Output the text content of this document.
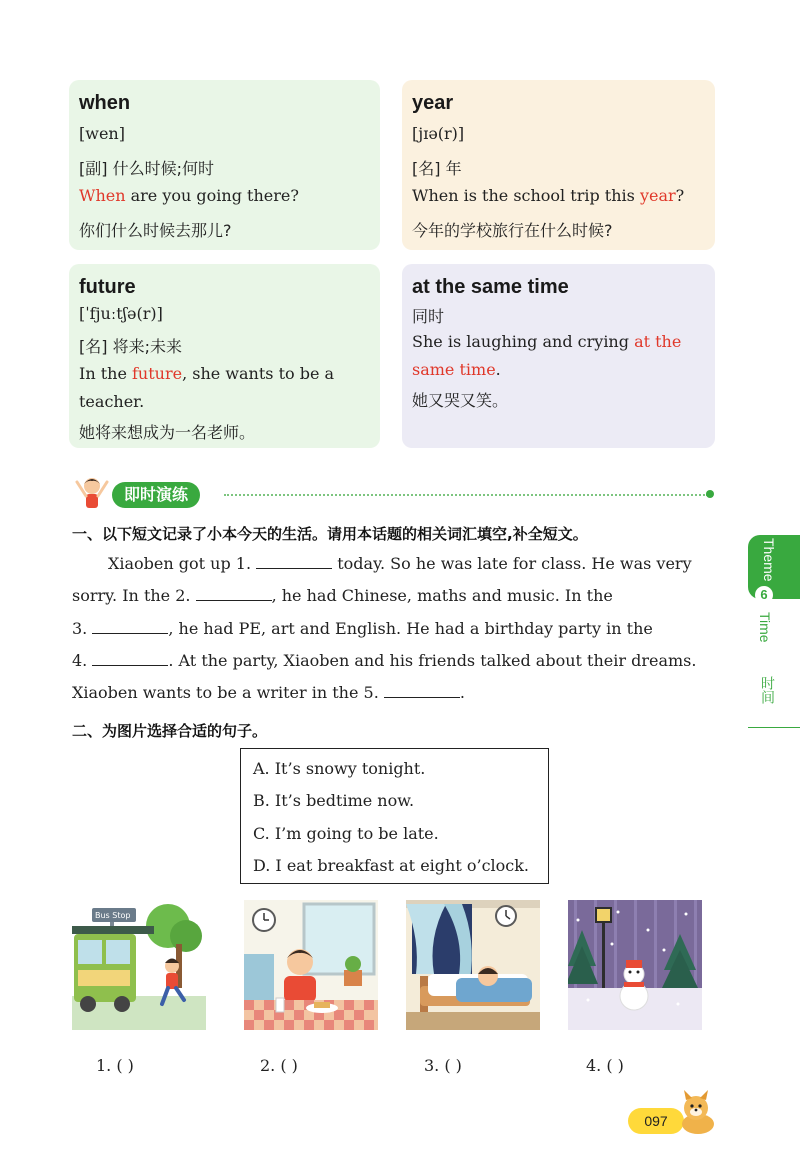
when
[wen]
[副] 什么时候;何时
When are you going there?
你们什么时候去那儿?
year
[jɪə(r)]
[名] 年
When is the school trip this year?
今年的学校旅行在什么时候?
future
[ˈfjuːtʃə(r)]
[名] 将来;未来
In the future, she wants to be a
teacher.
她将来想成为一名老师。
at the same time
同时
She is laughing and crying at the
same time.
她又哭又笑。
即时演练
一、以下短文记录了小本今天的生活。请用本话题的相关词汇填空,补全短文。
Xiaoben got up 1.	today. So he was late for class. He was very
sorry. In the 2.	, he had Chinese, maths and music. In the
3.	, he had PE, art and English. He had a birthday party in the
4.	. At the party, Xiaoben and his friends talked about their dreams.
Xiaoben wants to be a writer in the 5.	.
二、为图片选择合适的句子。
A. It’s snowy tonight.
B. It’s bedtime now.
C. I’m going to be late.
D. I eat breakfast at eight o’clock.
Bus Stop
1. ( )	2. ( )	3. ( )	4. ( )
Theme
6
Time
时间
097
